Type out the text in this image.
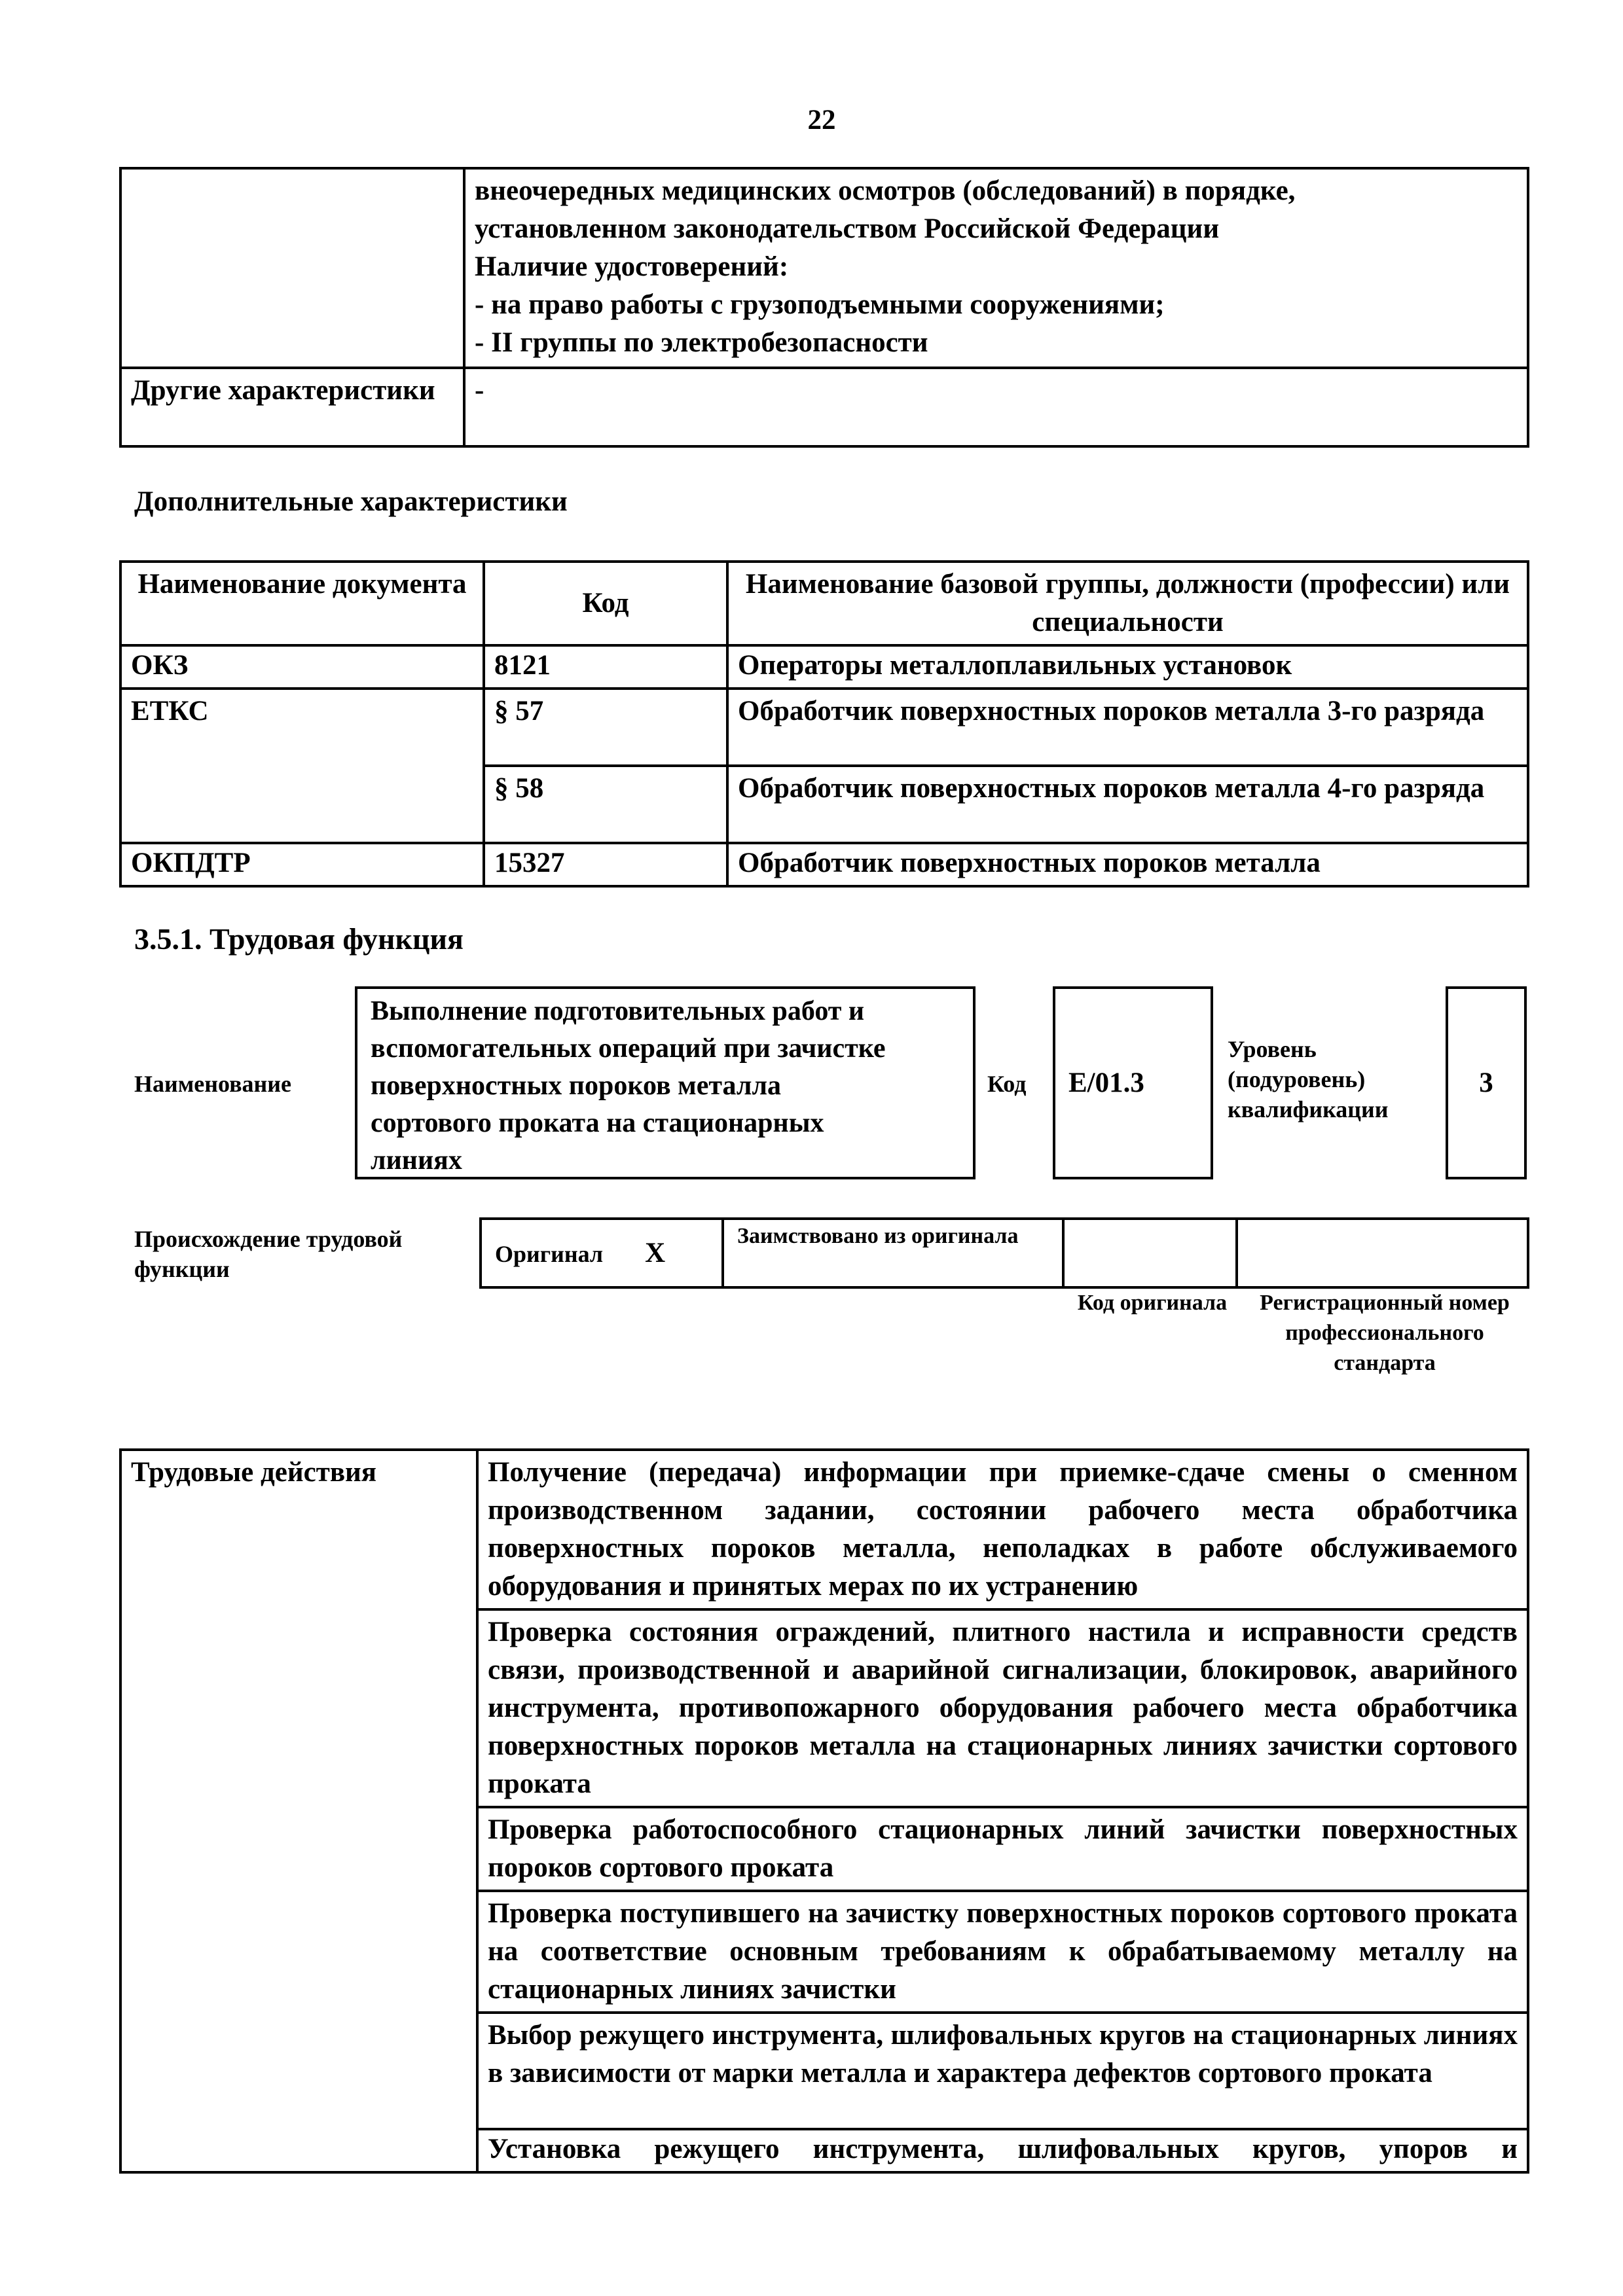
22

	внеочередных медицинских осмотров (обследований) в порядке,
установленном законодательством Российской Федерации
Наличие удостоверений:
- на право работы с грузоподъемными сооружениями;
- II группы по электробезопасности

Другие характеристики	-
Дополнительные характеристики
Наименование документа	Код	Наименование базовой группы, должности (профессии) или специальности
ОКЗ	8121	Операторы металлоплавильных установок
ЕТКС	§ 57	Обработчик поверхностных пороков металла 3-го разряда
	§ 58	Обработчик поверхностных пороков металла 4-го разряда
ОКПДТР	15327	Обработчик поверхностных пороков металла
3.5.1. Трудовая функция
Наименование
Выполнение подготовительных работ и
вспомогательных операций при зачистке
поверхностных пороков металла
сортового проката на стационарных
линиях
Код Е/01.3
Уровень
(подуровень)
квалификации
3
Происхождение трудовой функции
Оригинал X	Заимствовано из оригинала		
Код оригинала	Регистрационный номер профессионального стандарта
Трудовые действия	Получение (передача) информации при приемке-сдаче смены о сменном производственном задании, состоянии рабочего места обработчика поверхностных пороков металла, неполадках в работе обслуживаемого оборудования и принятых мерах по их устранению
Проверка состояния ограждений, плитного настила и исправности средств связи, производственной и аварийной сигнализации, блокировок, аварийного инструмента, противопожарного оборудования рабочего места обработчика поверхностных пороков металла на стационарных линиях зачистки сортового проката
Проверка работоспособного стационарных линий зачистки поверхностных пороков сортового проката
Проверка поступившего на зачистку поверхностных пороков сортового проката на соответствие основным требованиям к обрабатываемому металлу на стационарных линиях зачистки
Выбор режущего инструмента, шлифовальных кругов на стационарных линиях в зависимости от марки металла и характера дефектов сортового проката
Установка режущего инструмента, шлифовальных кругов, упоров и
